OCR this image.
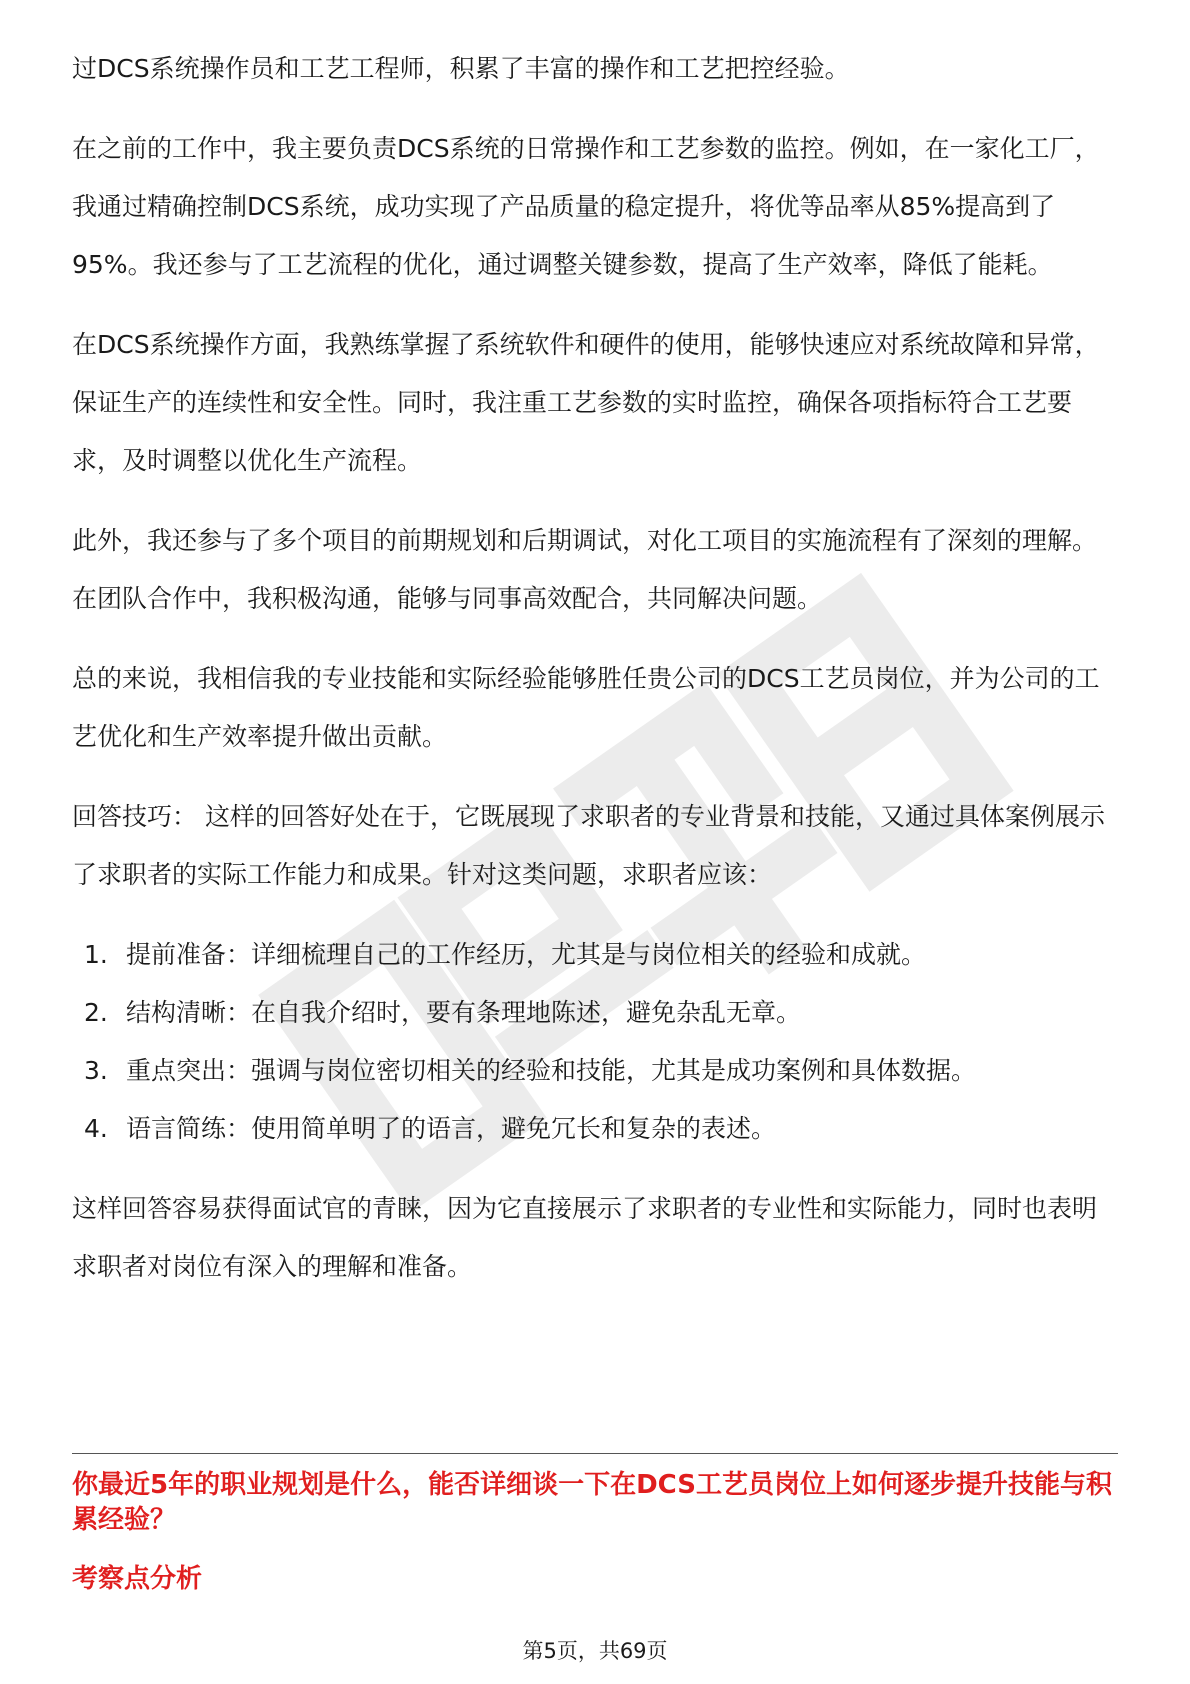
过DCS系统操作员和工艺工程师，积累了丰富的操作和工艺把控经验。

在之前的工作中，我主要负责DCS系统的日常操作和工艺参数的监控。例如，在一家化工厂，我通过精确控制DCS系统，成功实现了产品质量的稳定提升，将优等品率从85%提高到了95%。我还参与了工艺流程的优化，通过调整关键参数，提高了生产效率，降低了能耗。

在DCS系统操作方面，我熟练掌握了系统软件和硬件的使用，能够快速应对系统故障和异常，保证生产的连续性和安全性。同时，我注重工艺参数的实时监控，确保各项指标符合工艺要求，及时调整以优化生产流程。

此外，我还参与了多个项目的前期规划和后期调试，对化工项目的实施流程有了深刻的理解。在团队合作中，我积极沟通，能够与同事高效配合，共同解决问题。

总的来说，我相信我的专业技能和实际经验能够胜任贵公司的DCS工艺员岗位，并为公司的工艺优化和生产效率提升做出贡献。

回答技巧： 这样的回答好处在于，它既展现了求职者的专业背景和技能，又通过具体案例展示了求职者的实际工作能力和成果。针对这类问题，求职者应该：

1. 提前准备：详细梳理自己的工作经历，尤其是与岗位相关的经验和成就。
2. 结构清晰：在自我介绍时，要有条理地陈述，避免杂乱无章。
3. 重点突出：强调与岗位密切相关的经验和技能，尤其是成功案例和具体数据。
4. 语言简练：使用简单明了的语言，避免冗长和复杂的表述。

这样回答容易获得面试官的青睐，因为它直接展示了求职者的专业性和实际能力，同时也表明求职者对岗位有深入的理解和准备。

你最近5年的职业规划是什么，能否详细谈一下在DCS工艺员岗位上如何逐步提升技能与积累经验？

考察点分析

第5页，共69页
